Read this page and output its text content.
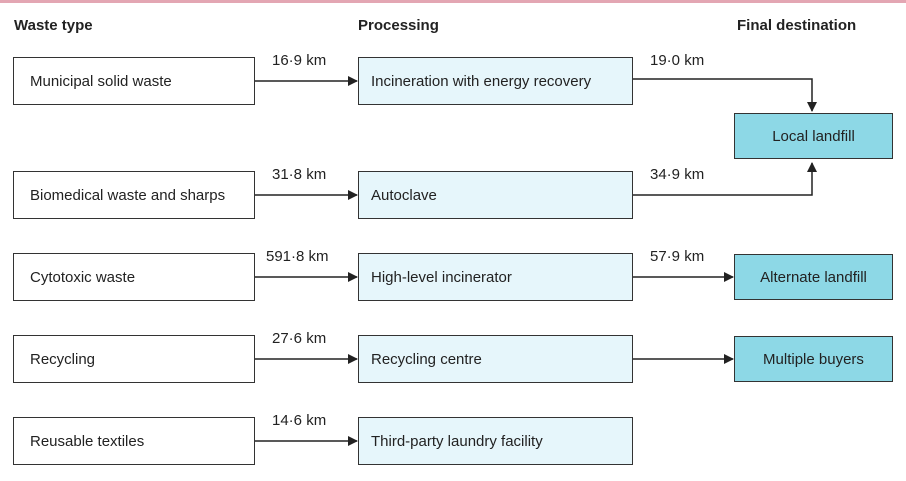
Waste type	Processing	Final destination
Municipal solid waste
Biomedical waste and sharps
Cytotoxic waste
Recycling
Reusable textiles
Incineration with energy recovery
Autoclave
High-level incinerator
Recycling centre
Third-party laundry facility
Local landfill
Alternate landfill
Multiple buyers
16·9 km
31·8 km
591·8 km
27·6 km
14·6 km
19·0 km
34·9 km
57·9 km
